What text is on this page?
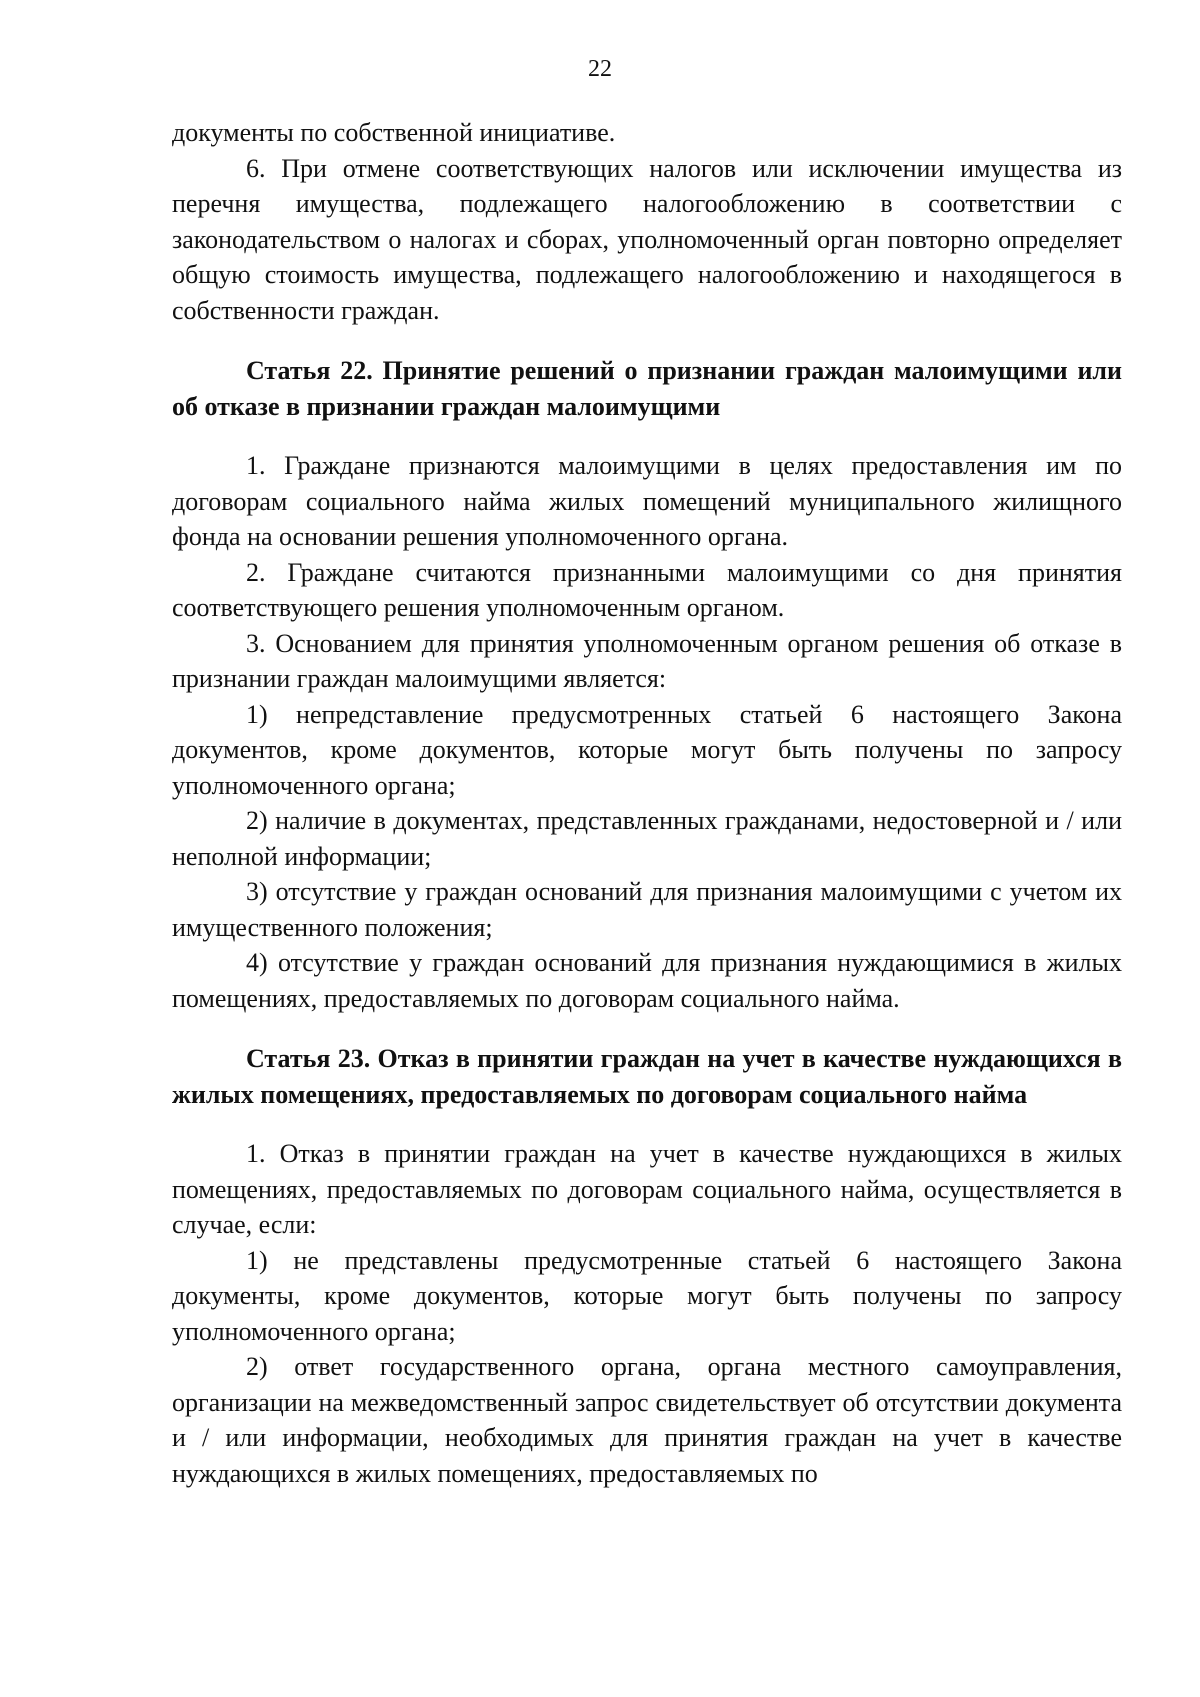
22

документы по собственной инициативе.

6. При отмене соответствующих налогов или исключении имущества из перечня имущества, подлежащего налогообложению в соответствии с законодательством о налогах и сборах, уполномоченный орган повторно определяет общую стоимость имущества, подлежащего налогообложению и находящегося в собственности граждан.

Статья 22. Принятие решений о признании граждан малоимущими или об отказе в признании граждан малоимущими

1. Граждане признаются малоимущими в целях предоставления им по договорам социального найма жилых помещений муниципального жилищного фонда на основании решения уполномоченного органа.

2. Граждане считаются признанными малоимущими со дня принятия соответствующего решения уполномоченным органом.

3. Основанием для принятия уполномоченным органом решения об отказе в признании граждан малоимущими является:

1) непредставление предусмотренных статьей 6 настоящего Закона документов, кроме документов, которые могут быть получены по запросу уполномоченного органа;

2) наличие в документах, представленных гражданами, недостоверной и / или неполной информации;

3) отсутствие у граждан оснований для признания малоимущими с учетом их имущественного положения;

4) отсутствие у граждан оснований для признания нуждающимися в жилых помещениях, предоставляемых по договорам социального найма.

Статья 23. Отказ в принятии граждан на учет в качестве нуждающихся в жилых помещениях, предоставляемых по договорам социального найма

1. Отказ в принятии граждан на учет в качестве нуждающихся в жилых помещениях, предоставляемых по договорам социального найма, осуществляется в случае, если:

1) не представлены предусмотренные статьей 6 настоящего Закона документы, кроме документов, которые могут быть получены по запросу уполномоченного органа;

2) ответ государственного органа, органа местного самоуправления, организации на межведомственный запрос свидетельствует об отсутствии документа и / или информации, необходимых для принятия граждан на учет в качестве нуждающихся в жилых помещениях, предоставляемых по
